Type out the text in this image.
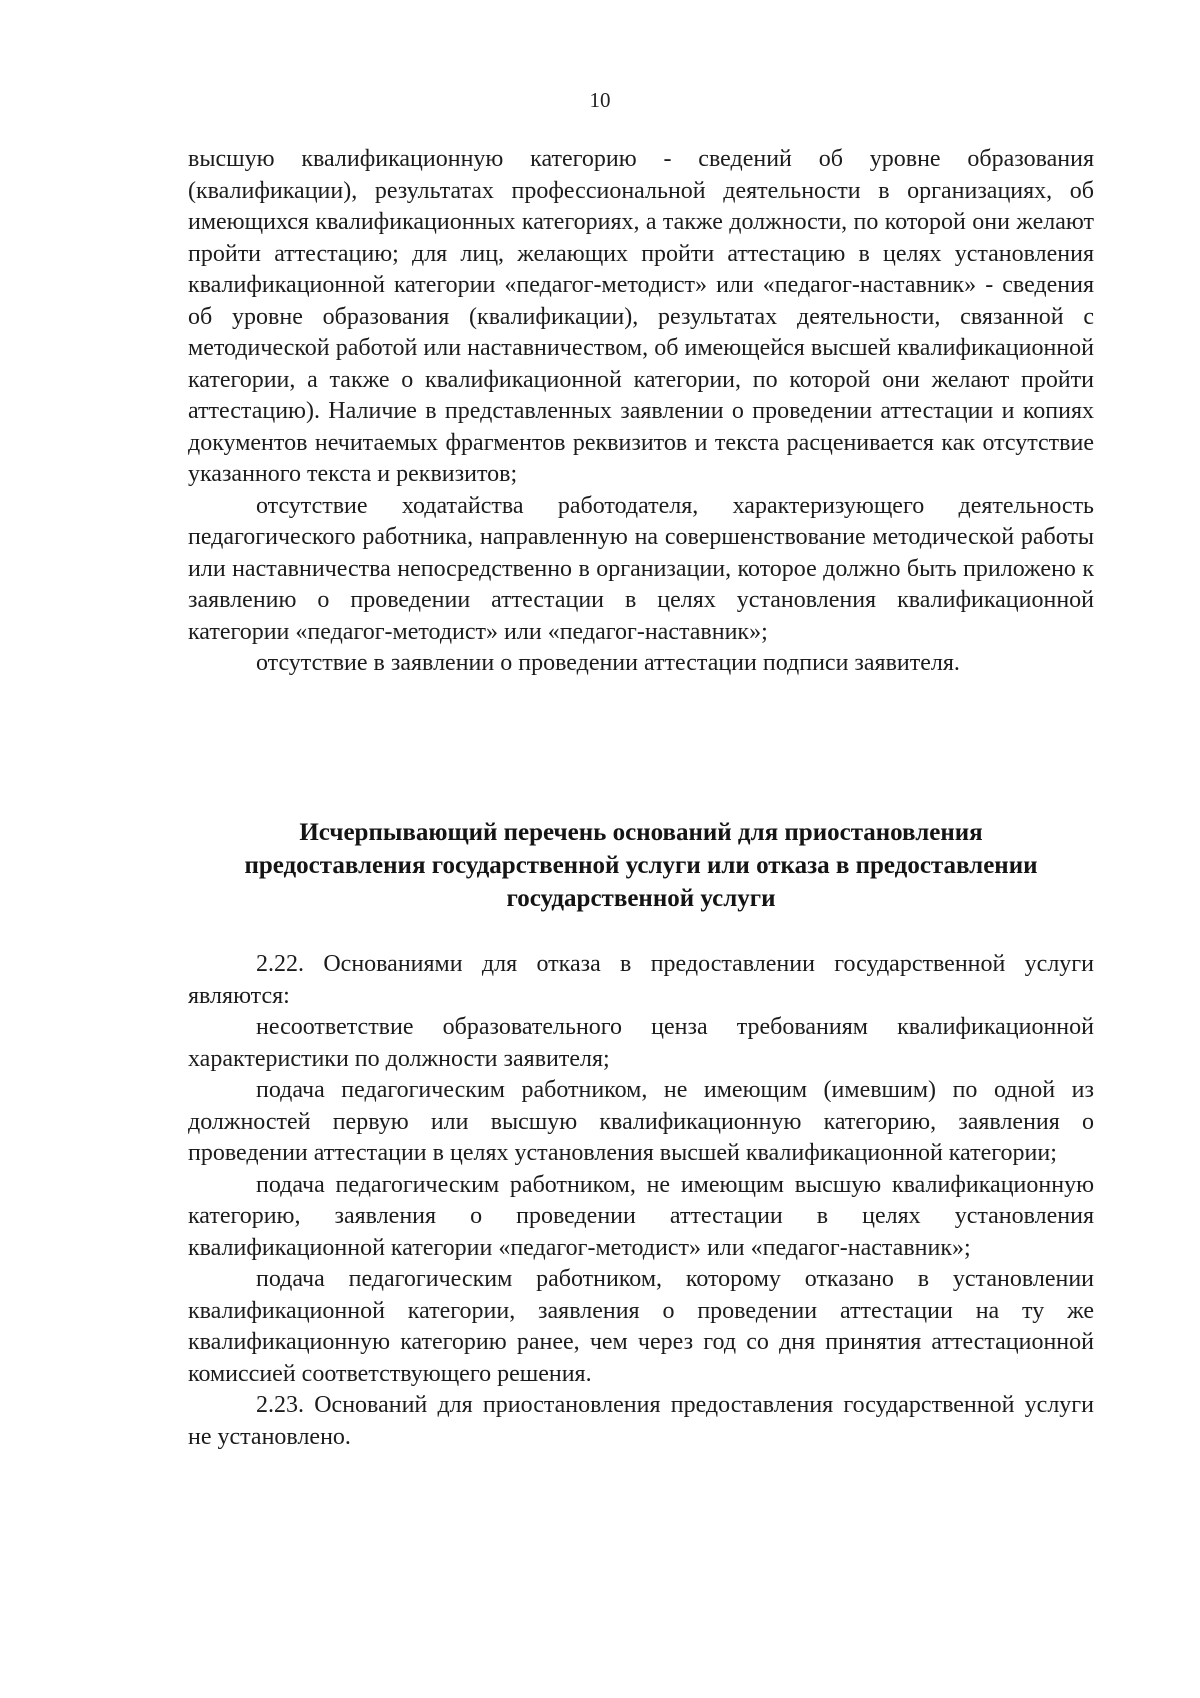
10

высшую квалификационную категорию - сведений об уровне образования (квалификации), результатах профессиональной деятельности в организациях, об имеющихся квалификационных категориях, а также должности, по которой они желают пройти аттестацию; для лиц, желающих пройти аттестацию в целях установления квалификационной категории «педагог-методист» или «педагог-наставник» - сведения об уровне образования (квалификации), результатах деятельности, связанной с методической работой или наставничеством, об имеющейся высшей квалификационной категории, а также о квалификационной категории, по которой они желают пройти аттестацию). Наличие в представленных заявлении о проведении аттестации и копиях документов нечитаемых фрагментов реквизитов и текста расценивается как отсутствие указанного текста и реквизитов;

отсутствие ходатайства работодателя, характеризующего деятельность педагогического работника, направленную на совершенствование методической работы или наставничества непосредственно в организации, которое должно быть приложено к заявлению о проведении аттестации в целях установления квалификационной категории «педагог-методист» или «педагог-наставник»;

отсутствие в заявлении о проведении аттестации подписи заявителя.

Исчерпывающий перечень оснований для приостановления
предоставления государственной услуги или отказа в предоставлении
государственной услуги

2.22. Основаниями для отказа в предоставлении государственной услуги являются:

несоответствие образовательного ценза требованиям квалификационной характеристики по должности заявителя;

подача педагогическим работником, не имеющим (имевшим) по одной из должностей первую или высшую квалификационную категорию, заявления о проведении аттестации в целях установления высшей квалификационной категории;

подача педагогическим работником, не имеющим высшую квалификационную категорию, заявления о проведении аттестации в целях установления квалификационной категории «педагог-методист» или «педагог-наставник»;

подача педагогическим работником, которому отказано в установлении квалификационной категории, заявления о проведении аттестации на ту же квалификационную категорию ранее, чем через год со дня принятия аттестационной комиссией соответствующего решения.

2.23. Оснований для приостановления предоставления государственной услуги не установлено.
